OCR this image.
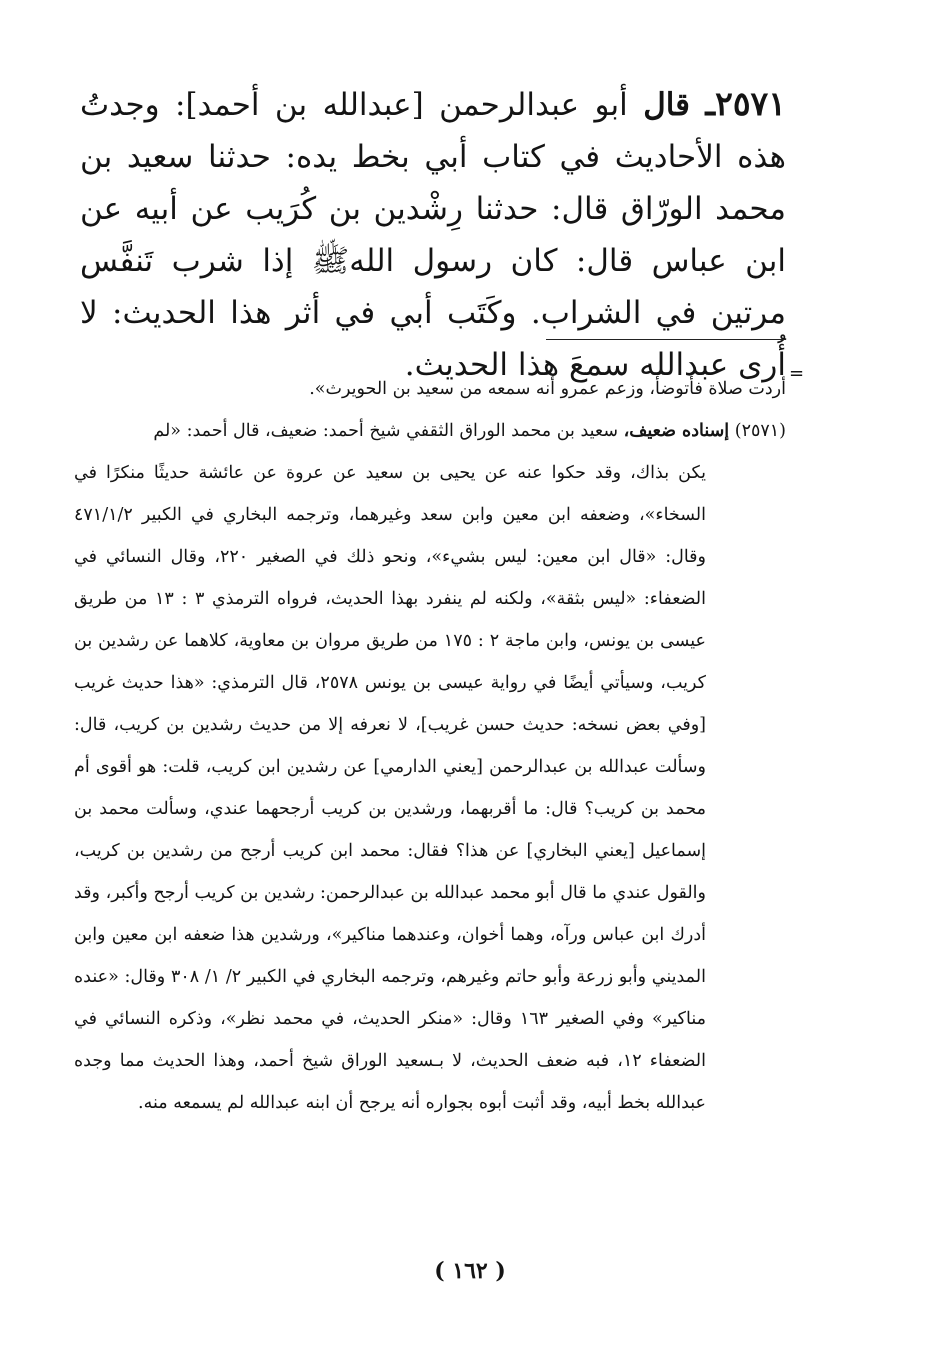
٢٥٧١ـ قال أبو عبدالرحمن [عبدالله بن أحمد]: وجدتُ هذه الأحاديث في كتاب أبي بخط يده: حدثنا سعيد بن محمد الورّاق قال: حدثنا رِشْدين بن كُرَيب عن أبيه عن ابن عباس قال: كان رسول اللهﷺ إذا شرب تَنفَّس مرتين في الشراب. وكَتَب أبي في أثر هذا الحديث: لا أُرى عبدالله سمعَ هذا الحديث. =
أردت صلاة فأتوضأ، وزعم عمرو أنه سمعه من سعيد بن الحويرث».
(٢٥٧١) إسناده ضعيف، سعيد بن محمد الوراق الثقفي شيخ أحمد: ضعيف، قال أحمد: «لم
يكن بذاك، وقد حكوا عنه عن يحيى بن سعيد عن عروة عن عائشة حديثًا منكرًا في السخاء»، وضعفه ابن معين وابن سعد وغيرهما، وترجمه البخاري في الكبير ٤٧١/١/٢ وقال: «قال ابن معين: ليس بشيء»، ونحو ذلك في الصغير ٢٢٠، وقال النسائي في الضعفاء: «ليس بثقة»، ولكنه لم ينفرد بهذا الحديث، فرواه الترمذي ٣ : ١٣ من طريق عيسى بن يونس، وابن ماجة ٢ : ١٧٥ من طريق مروان بن معاوية، كلاهما عن رشدين بن كريب، وسيأتي أيضًا في رواية عيسى بن يونس ٢٥٧٨، قال الترمذي: «هذا حديث غريب [وفي بعض نسخه: حديث حسن غريب]، لا نعرفه إلا من حديث رشدين بن كريب، قال: وسألت عبدالله بن عبدالرحمن [يعني الدارمي] عن رشدين ابن كريب، قلت: هو أقوى أم محمد بن كريب؟ قال: ما أقربهما، ورشدين بن كريب أرجحهما عندي، وسألت محمد بن إسماعيل [يعني البخاري] عن هذا؟ فقال: محمد ابن كريب أرجح من رشدين بن كريب، والقول عندي ما قال أبو محمد عبدالله بن عبدالرحمن: رشدين بن كريب أرجح وأكبر، وقد أدرك ابن عباس ورآه، وهما أخوان، وعندهما مناكير»، ورشدين هذا ضعفه ابن معين وابن المديني وأبو زرعة وأبو حاتم وغيرهم، وترجمه البخاري في الكبير ٢/ ١/ ٣٠٨ وقال: «عنده مناكير» وفي الصغير ١٦٣ وقال: «منكر الحديث، في محمد نظر»، وذكره النسائي في الضعفاء ١٢، فبه ضعف الحديث، لا بـسعيد الوراق شيخ أحمد، وهذا الحديث مما وجده عبدالله بخط أبيه، وقد أثبت أبوه بجواره أنه يرجح أن ابنه عبدالله لم يسمعه منه.
( ١٦٢ )
